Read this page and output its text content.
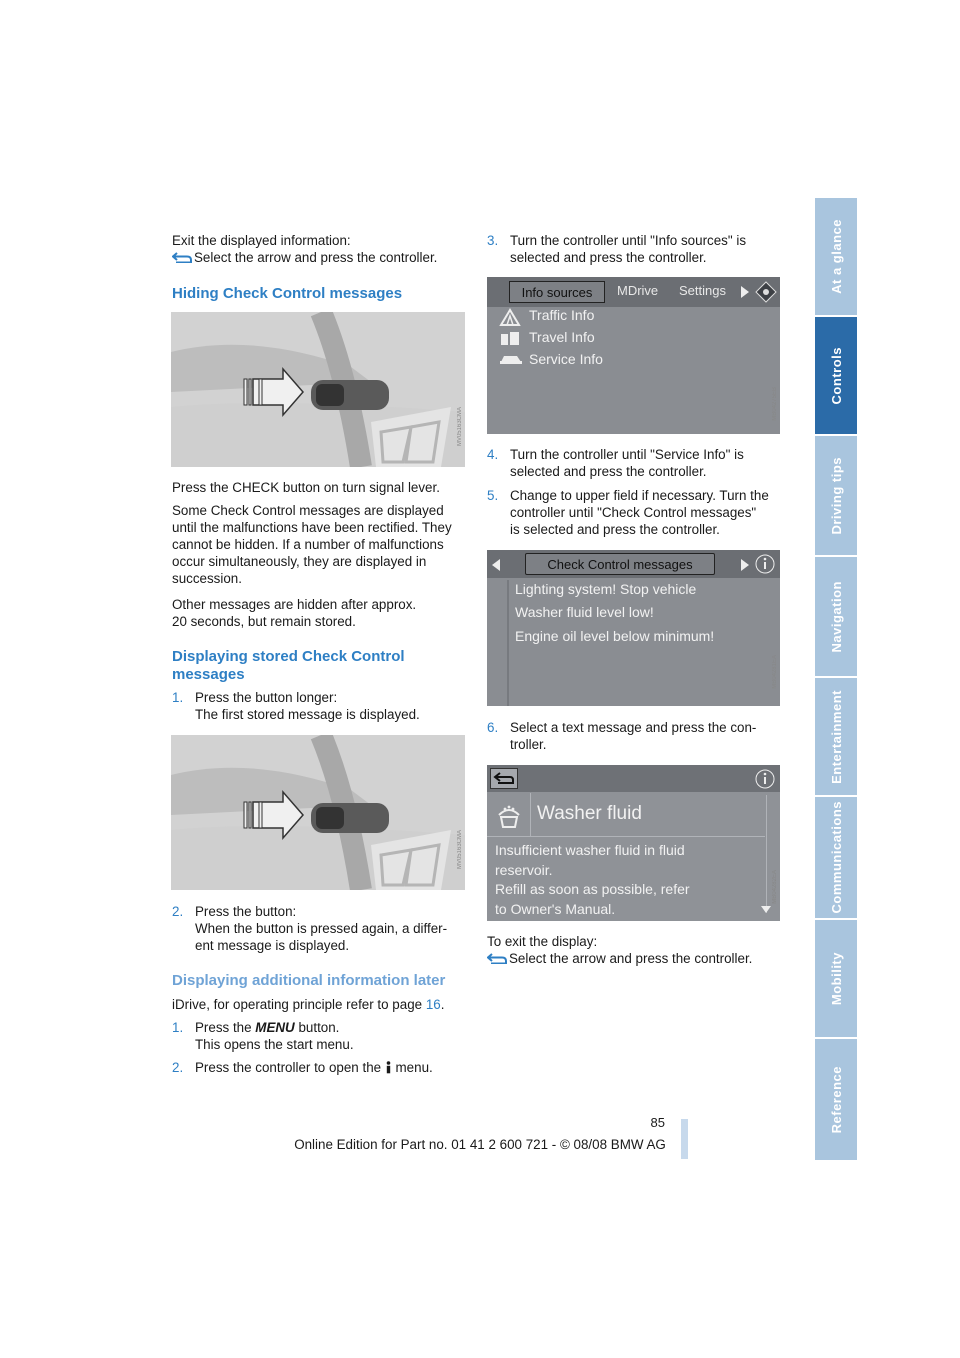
At a glance
Controls
Driving tips
Navigation
Entertainment
Communications
Mobility
Reference
Exit the displayed information:
Select the arrow and press the controller.
Hiding Check Control messages
MV05163CMA
Press the CHECK button on turn signal lever.
Some Check Control messages are displayed
until the malfunctions have been rectified. They
cannot be hidden. If a number of malfunctions
occur simultaneously, they are displayed in
succession.
Other messages are hidden after approx.
20 seconds, but remain stored.
Displaying stored Check Control
messages
1. Press the button longer:
The first stored message is displayed.
MV05163CMA
2. Press the button:
When the button is pressed again, a differ-
ent message is displayed.
Displaying additional information later
iDrive, for operating principle refer to page 16.
1. Press the MENU button.
This opens the start menu.
2. Press the controller to open the  menu.
3. Turn the controller until "Info sources" is
selected and press the controller.
Info sources	MDrive Settings
Traffic Info
Travel Info
Service Info
MB04275EB
4. Turn the controller until "Service Info" is
selected and press the controller.
5. Change to upper field if necessary. Turn the
controller until "Check Control messages"
is selected and press the controller.
Check Control messages
Lighting system! Stop vehicle
Washer fluid level low!
Engine oil level below minimum!
MB04281EA
6. Select a text message and press the con-
troller.
Washer fluid
Insufficient washer fluid in fluid
reservoir.
Refill as soon as possible, refer
to Owner's Manual.
MB04282EA
To exit the display:
Select the arrow and press the controller.
85
Online Edition for Part no. 01 41 2 600 721 - © 08/08 BMW AG
